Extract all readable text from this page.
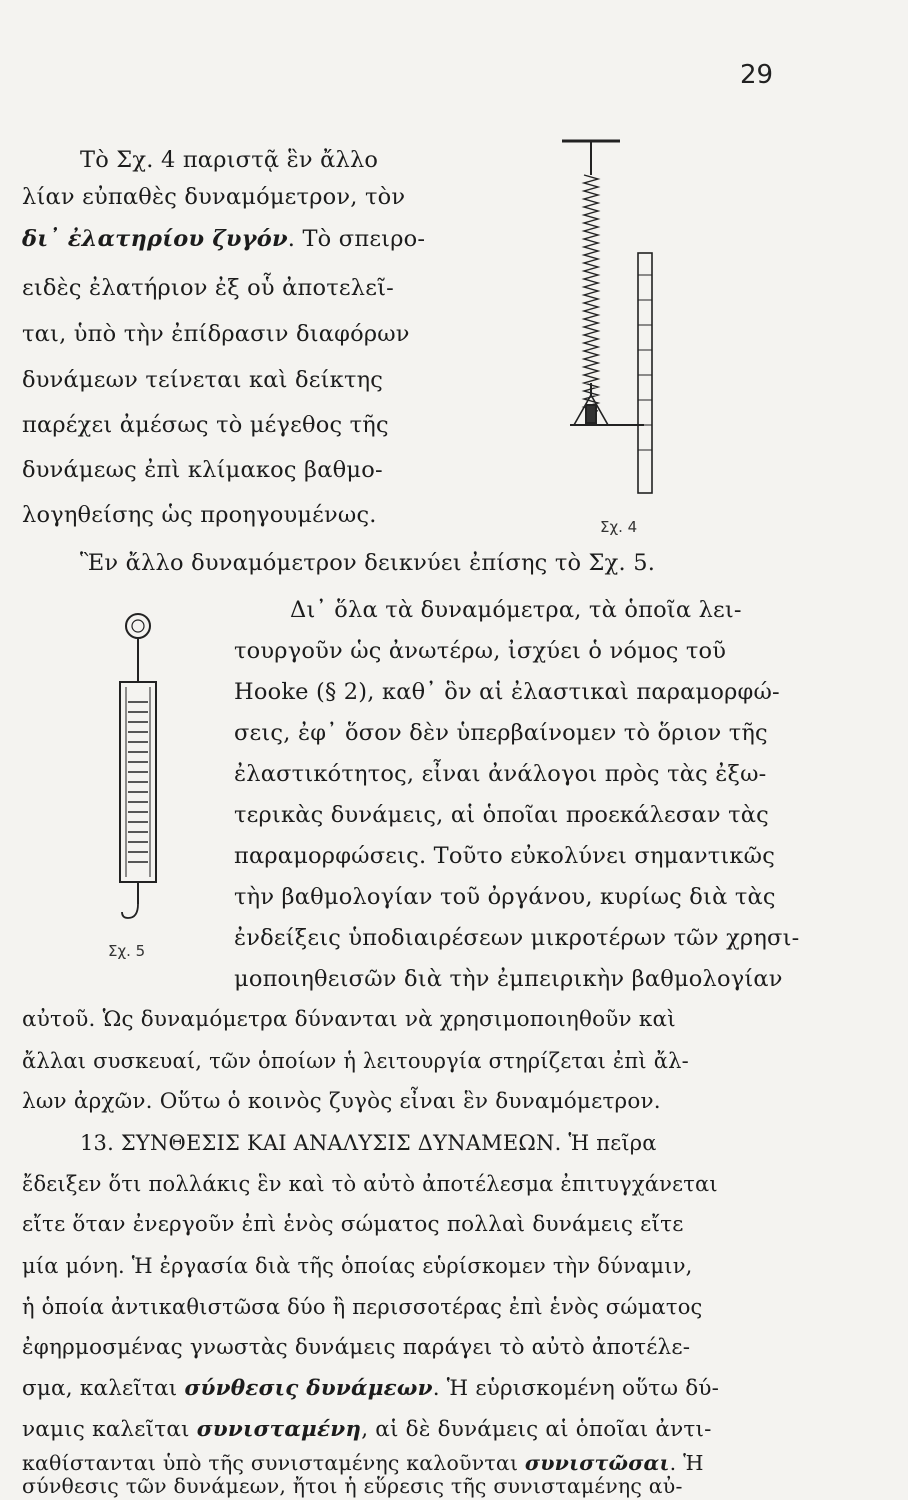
29
Σχ. 4
Σχ. 5
Τὸ Σχ. 4 παριστᾷ ἓν ἄλλο
λίαν εὐπαθὲς δυναμόμετρον, τὸν
δι᾽ ἐλατηρίου ζυγόν. Τὸ σπειρο-
ειδὲς ἐλατήριον ἐξ οὗ ἀποτελεῖ-
ται, ὑπὸ τὴν ἐπίδρασιν διαφόρων
δυνάμεων τείνεται καὶ δείκτης
παρέχει ἀμέσως τὸ μέγεθος τῆς
δυνάμεως ἐπὶ κλίμακος βαθμο-
λογηθείσης ὡς προηγουμένως.
Ἓν ἄλλο δυναμόμετρον δεικνύει ἐπίσης τὸ Σχ. 5.
Δι᾽ ὅλα τὰ δυναμόμετρα, τὰ ὁποῖα λει-
τουργοῦν ὡς ἀνωτέρω, ἰσχύει ὁ νόμος τοῦ
Hooke (§ 2), καθ᾽ ὃν αἱ ἐλαστικαὶ παραμορφώ-
σεις, ἐφ᾽ ὅσον δὲν ὑπερβαίνομεν τὸ ὅριον τῆς
ἐλαστικότητος, εἶναι ἀνάλογοι πρὸς τὰς ἐξω-
τερικὰς δυνάμεις, αἱ ὁποῖαι προεκάλεσαν τὰς
παραμορφώσεις. Τοῦτο εὐκολύνει σημαντικῶς
τὴν βαθμολογίαν τοῦ ὀργάνου, κυρίως διὰ τὰς
ἐνδείξεις ὑποδιαιρέσεων μικροτέρων τῶν χρησι-
μοποιηθεισῶν διὰ τὴν ἐμπειρικὴν βαθμολογίαν
αὐτοῦ. Ὡς δυναμόμετρα δύνανται νὰ χρησιμοποιηθοῦν καὶ
ἄλλαι συσκευαί, τῶν ὁποίων ἡ λειτουργία στηρίζεται ἐπὶ ἄλ-
λων ἀρχῶν. Οὕτω ὁ κοινὸς ζυγὸς εἶναι ἓν δυναμόμετρον.
13. ΣΥΝΘΕΣΙΣ ΚΑΙ ΑΝΑΛΥΣΙΣ ΔΥΝΑΜΕΩΝ. Ἡ πεῖρα
ἔδειξεν ὅτι πολλάκις ἓν καὶ τὸ αὐτὸ ἀποτέλεσμα ἐπιτυγχάνεται
εἴτε ὅταν ἐνεργοῦν ἐπὶ ἑνὸς σώματος πολλαὶ δυνάμεις εἴτε
μία μόνη. Ἡ ἐργασία διὰ τῆς ὁποίας εὑρίσκομεν τὴν δύναμιν,
ἡ ὁποία ἀντικαθιστῶσα δύο ἢ περισσοτέρας ἐπὶ ἑνὸς σώματος
ἐφηρμοσμένας γνωστὰς δυνάμεις παράγει τὸ αὐτὸ ἀποτέλε-
σμα, καλεῖται σύνθεσις δυνάμεων. Ἡ εὑρισκομένη οὕτω δύ-
ναμις καλεῖται συνισταμένη, αἱ δὲ δυνάμεις αἱ ὁποῖαι ἀντι-
καθίστανται ὑπὸ τῆς συνισταμένης καλοῦνται συνιστῶσαι. Ἡ
σύνθεσις τῶν δυνάμεων, ἤτοι ἡ εὕρεσις τῆς συνισταμένης αὐ-
